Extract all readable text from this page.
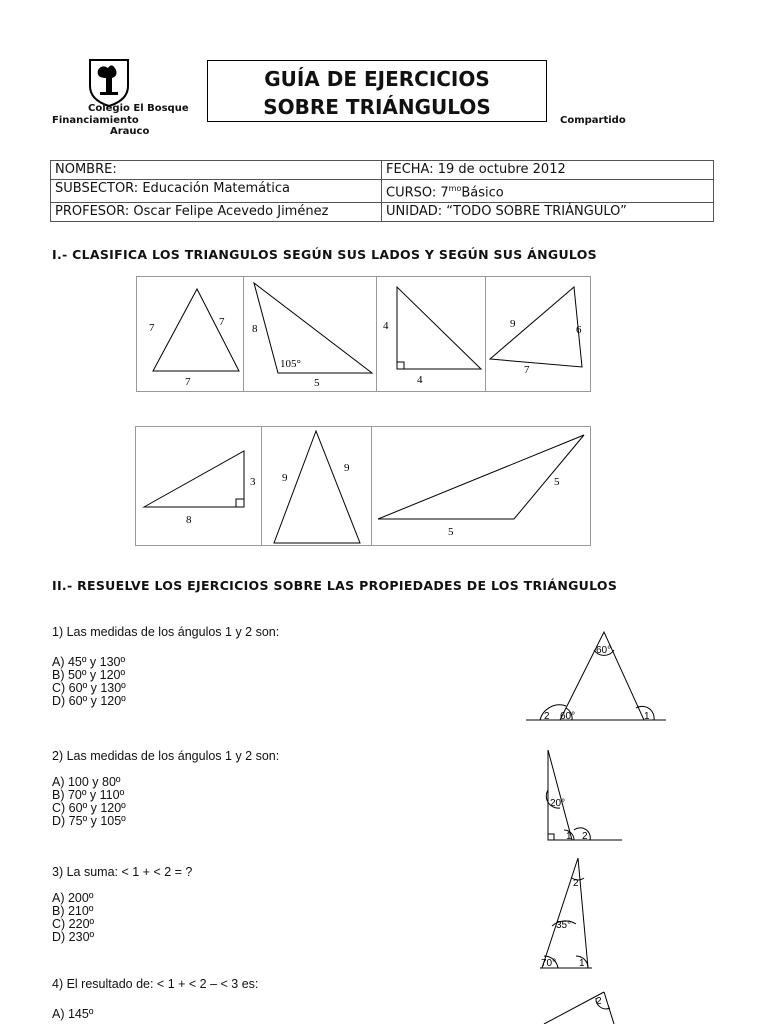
Colegio El Bosque
Financiamiento
Arauco
Compartido
GUÍA DE EJERCICIOS
SOBRE TRIÁNGULOS
NOMBRE:	FECHA: 19 de octubre 2012
SUBSECTOR: Educación Matemática	CURSO: $7^{mo}Básico$
PROFESOR: Oscar Felipe Acevedo Jiménez	UNIDAD: “TODO SOBRE TRIÁNGULO”
I.- CLASIFICA LOS TRIANGULOS SEGÚN SUS LADOS Y SEGÚN SUS ÁNGULOS
7	7
7
8
105°
5
4
4
9	6
7
3
8
9
9
5
5
II.- RESUELVE LOS EJERCICIOS SOBRE LAS PROPIEDADES DE LOS TRIÁNGULOS
1) Las medidas de los ángulos 1 y 2 son:
A) 45º y 130º
B) 50º y 120º
C) 60º y 130º
D) 60º y 120º
60°
60°
2	1
2) Las medidas de los ángulos 1 y 2 son:
A) 100 y 80º
B) 70º y 110º
C) 60º y 120º
D) 75º y 105º
20°
1 2
3) La suma: < 1 + < 2 = ?
A) 200º
B) 210º
C) 220º
D) 230º
2
35°
70° 1
4) El resultado de: < 1 + < 2 – < 3 es:
A) 145º
2
